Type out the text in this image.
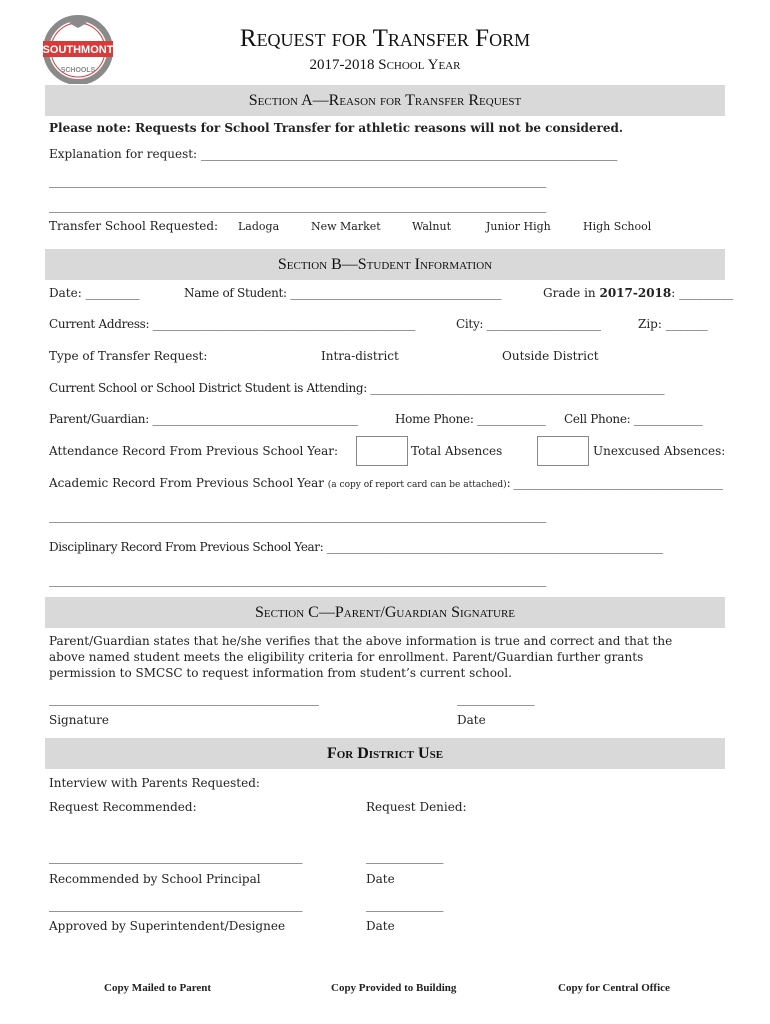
SOUTHMONT
SCHOOLS
Request for Transfer Form
2017-2018 School Year
Section A—Reason for Transfer Request
Please note: Requests for School Transfer for athletic reasons will not be considered.
Explanation for request: _____________________________________________________________________________
____________________________________________________________________________________________
____________________________________________________________________________________________
Transfer School Requested: Ladoga	New Market	Walnut	Junior High	High School
Section B—Student Information
Date: _________	Name of Student: _____________________________________	Grade in 2017-2018: _________
Current Address: ______________________________________________	City: ____________________	Zip: _______
Type of Transfer Request:	Intra-district	Outside District
Current School or School District Student is Attending: ____________________________________________________
Parent/Guardian: ____________________________________	Home Phone: ____________ Cell Phone: ____________
Attendance Record From Previous School Year:	Total Absences	Unexcused Absences:
Academic Record From Previous School Year (a copy of report card can be attached): ______________________________________
____________________________________________________________________________________________
Disciplinary Record From Previous School Year: ____________________________________________________________
____________________________________________________________________________________________
Section C—Parent/Guardian Signature
Parent/Guardian states that he/she verifies that the above information is true and correct and that the above named student meets the eligibility criteria for enrollment. Parent/Guardian further grants permission to SMCSC to request information from student’s current school.
_________________________________________________	______________
Signature	Date
For District Use
Interview with Parents Requested:
Request Recommended:	Request Denied:
______________________________________________	______________
Recommended by School Principal	Date
______________________________________________	______________
Approved by Superintendent/Designee	Date
Copy Mailed to Parent	Copy Provided to Building	Copy for Central Office
